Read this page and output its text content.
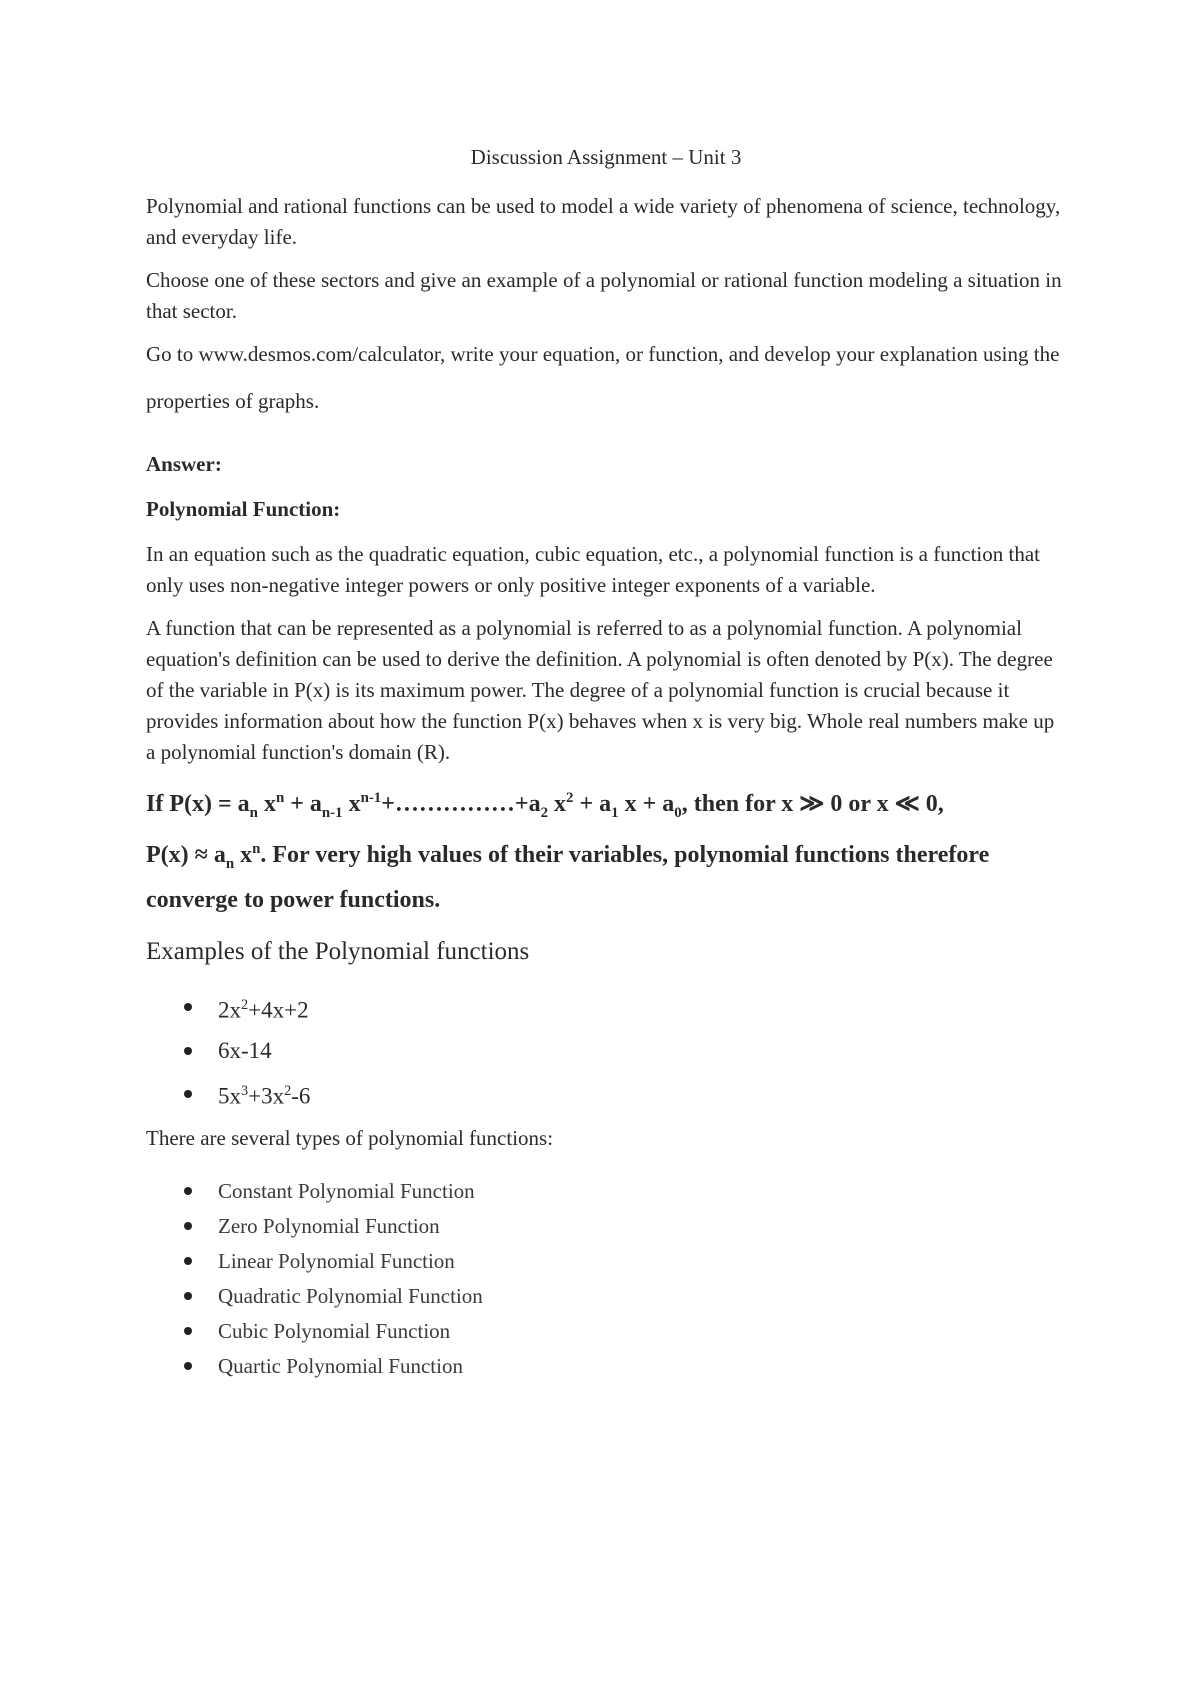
Discussion Assignment – Unit 3

Polynomial and rational functions can be used to model a wide variety of phenomena of science, technology, and everyday life.

Choose one of these sectors and give an example of a polynomial or rational function modeling a situation in that sector.

Go to www.desmos.com/calculator, write your equation, or function, and develop your explanation using the properties of graphs.

Answer:

Polynomial Function:

In an equation such as the quadratic equation, cubic equation, etc., a polynomial function is a function that only uses non-negative integer powers or only positive integer exponents of a variable.

A function that can be represented as a polynomial is referred to as a polynomial function. A polynomial equation's definition can be used to derive the definition. A polynomial is often denoted by P(x). The degree of the variable in P(x) is its maximum power. The degree of a polynomial function is crucial because it provides information about how the function P(x) behaves when x is very big. Whole real numbers make up a polynomial function's domain (R).

If $P(x) = a_n$ $x^n + a_{n-1}$ $x^{n-1}+\dots\dots\dots\dots\dots+a_2$ $x^2 + a_1$ $x + a_0$, then for x ≫ 0 or x ≪ 0,
$P(x) \approx a_n$ $x^n$. For very high values of their variables, polynomial functions therefore converge to power functions.

Examples of the Polynomial functions

$2x^2+4x+2$
6x-14
$5x^3+3x^2-6$

There are several types of polynomial functions:

Constant Polynomial Function
Zero Polynomial Function
Linear Polynomial Function
Quadratic Polynomial Function
Cubic Polynomial Function
Quartic Polynomial Function
